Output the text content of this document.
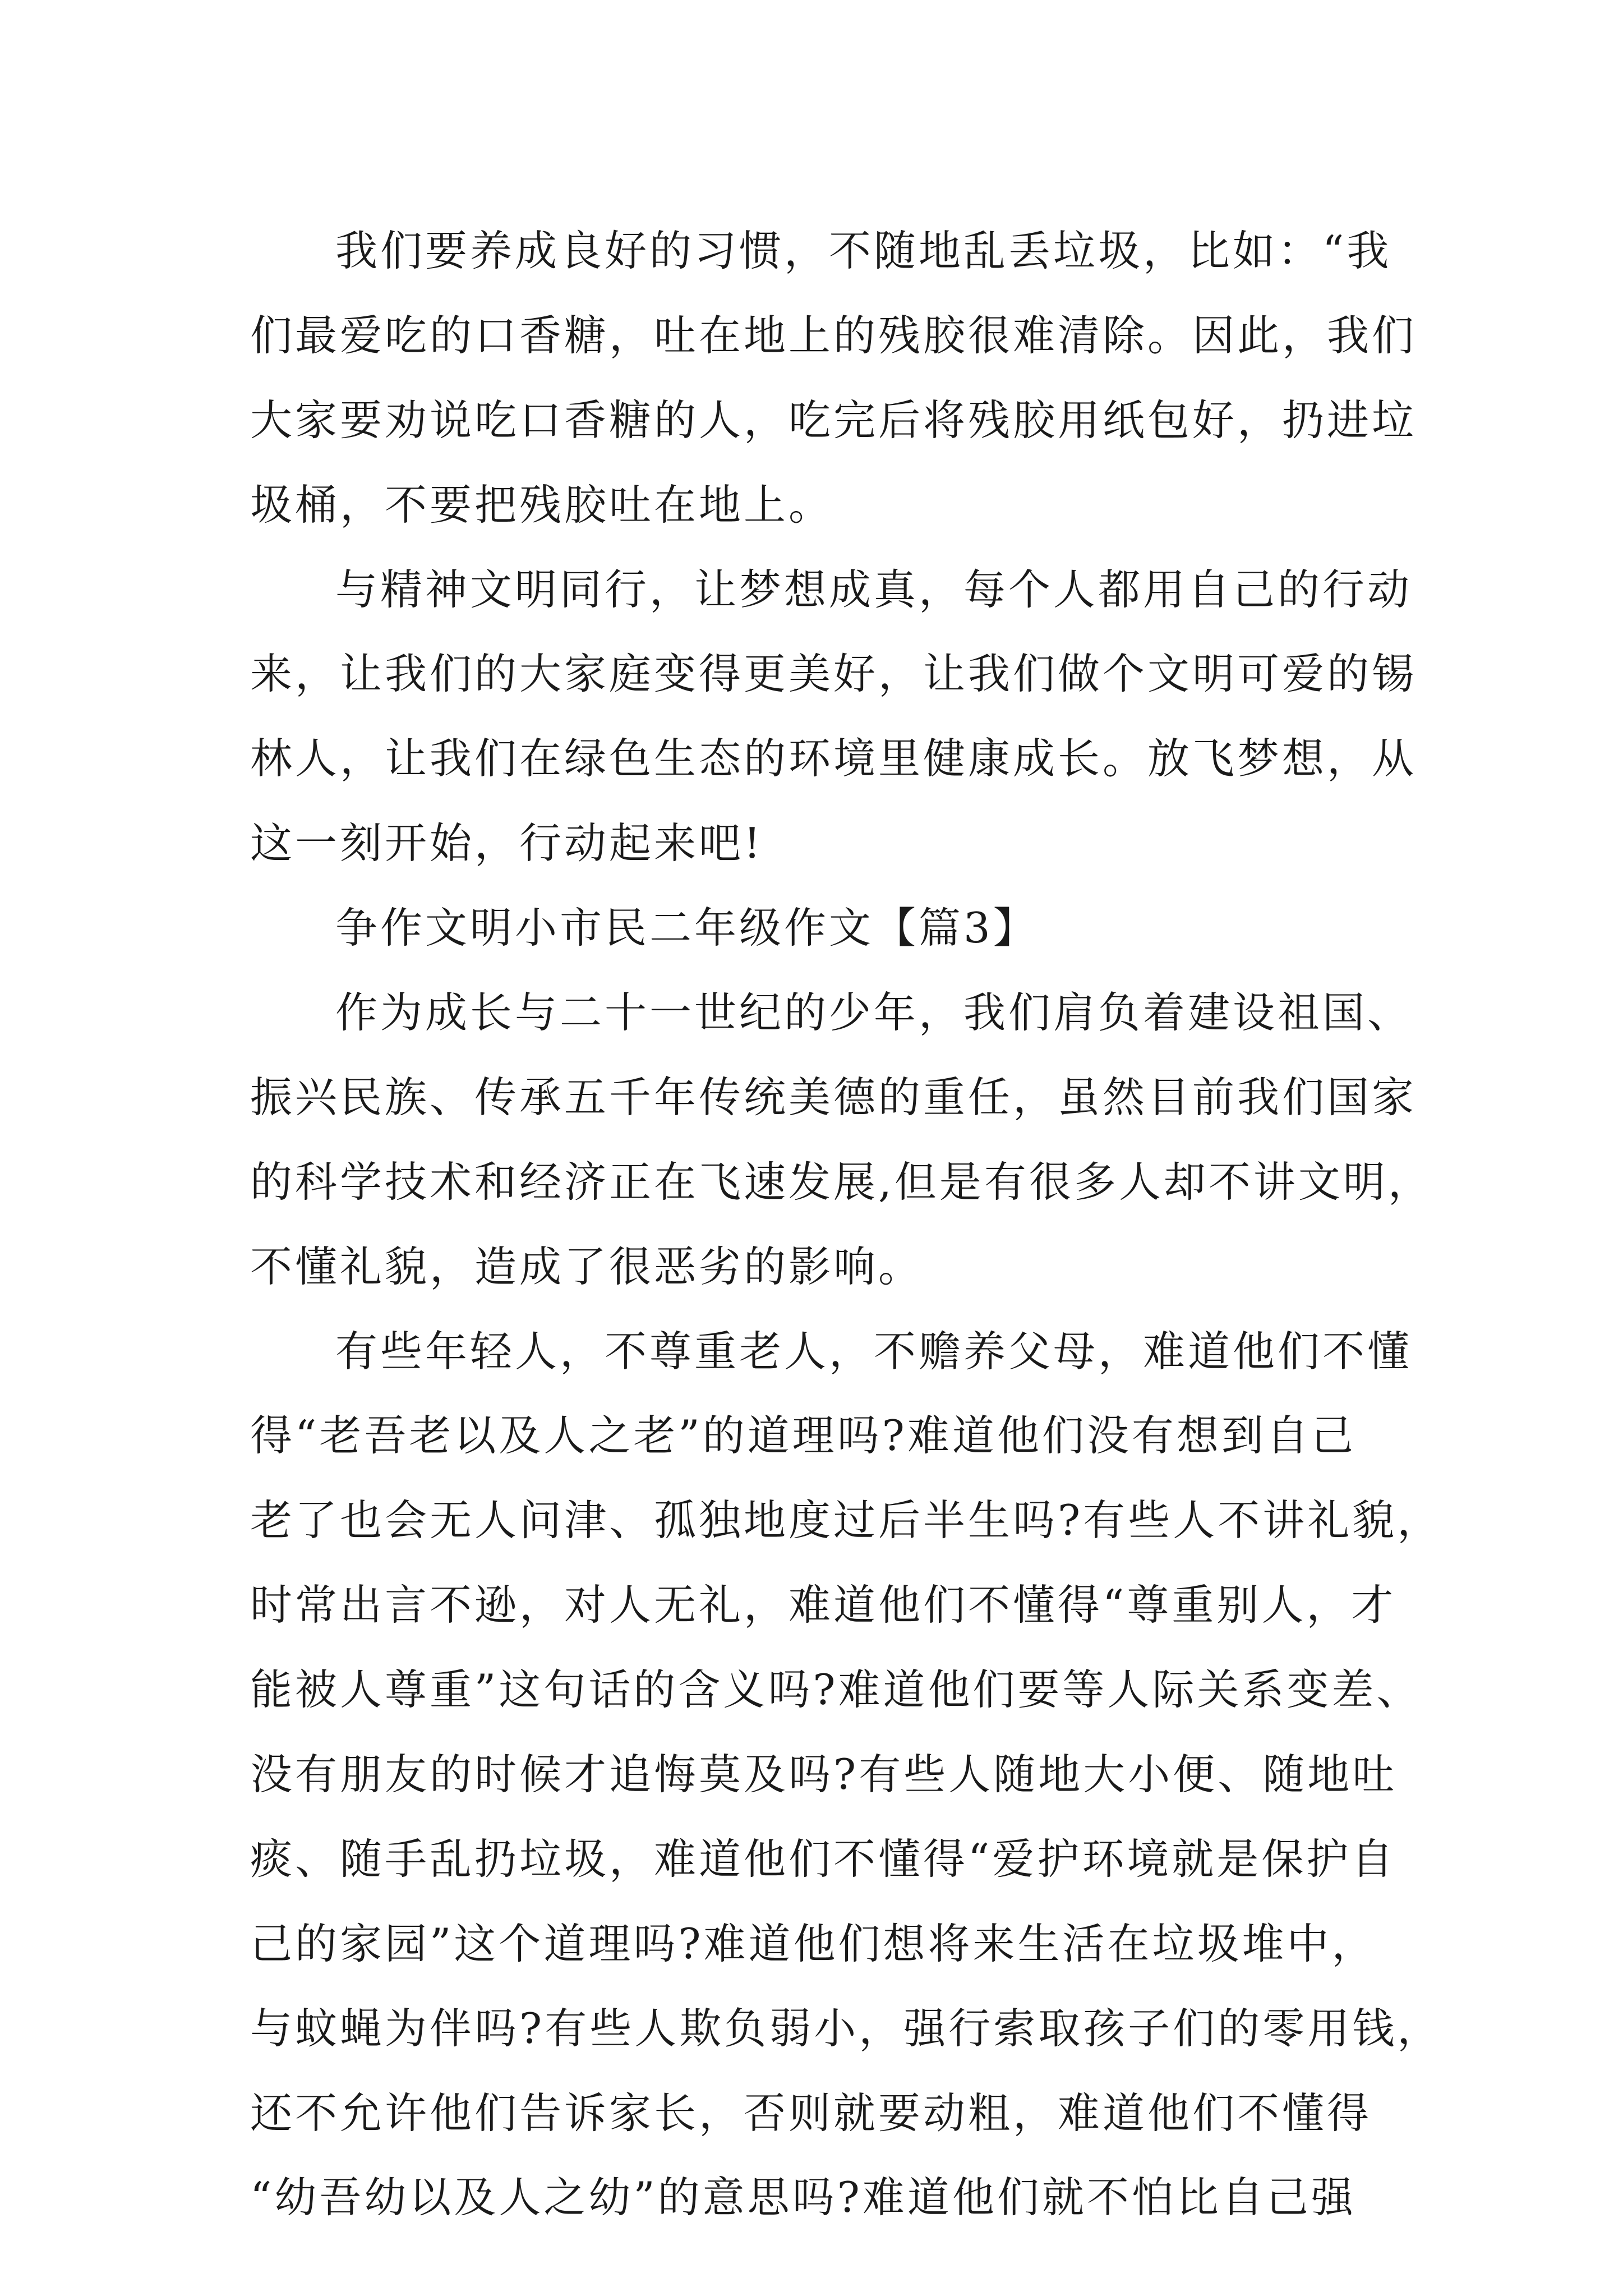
我们要养成良好的习惯，不随地乱丢垃圾，比如：“我
们最爱吃的口香糖，吐在地上的残胶很难清除。因此，我们
大家要劝说吃口香糖的人，吃完后将残胶用纸包好，扔进垃
圾桶，不要把残胶吐在地上。
与精神文明同行，让梦想成真，每个人都用自己的行动
来，让我们的大家庭变得更美好，让我们做个文明可爱的锡
林人，让我们在绿色生态的环境里健康成长。放飞梦想，从
这一刻开始，行动起来吧!
争作文明小市民二年级作文【篇3】
作为成长与二十一世纪的少年，我们肩负着建设祖国、
振兴民族、传承五千年传统美德的重任，虽然目前我们国家
的科学技术和经济正在飞速发展,但是有很多人却不讲文明，
不懂礼貌，造成了很恶劣的影响。
有些年轻人，不尊重老人，不赡养父母，难道他们不懂
得“老吾老以及人之老”的道理吗?难道他们没有想到自己
老了也会无人问津、孤独地度过后半生吗?有些人不讲礼貌，
时常出言不逊，对人无礼，难道他们不懂得“尊重别人，才
能被人尊重”这句话的含义吗?难道他们要等人际关系变差、
没有朋友的时候才追悔莫及吗?有些人随地大小便、随地吐
痰、随手乱扔垃圾，难道他们不懂得“爱护环境就是保护自
己的家园”这个道理吗?难道他们想将来生活在垃圾堆中，
与蚊蝇为伴吗?有些人欺负弱小，强行索取孩子们的零用钱，
还不允许他们告诉家长，否则就要动粗，难道他们不懂得
“幼吾幼以及人之幼”的意思吗?难道他们就不怕比自己强
